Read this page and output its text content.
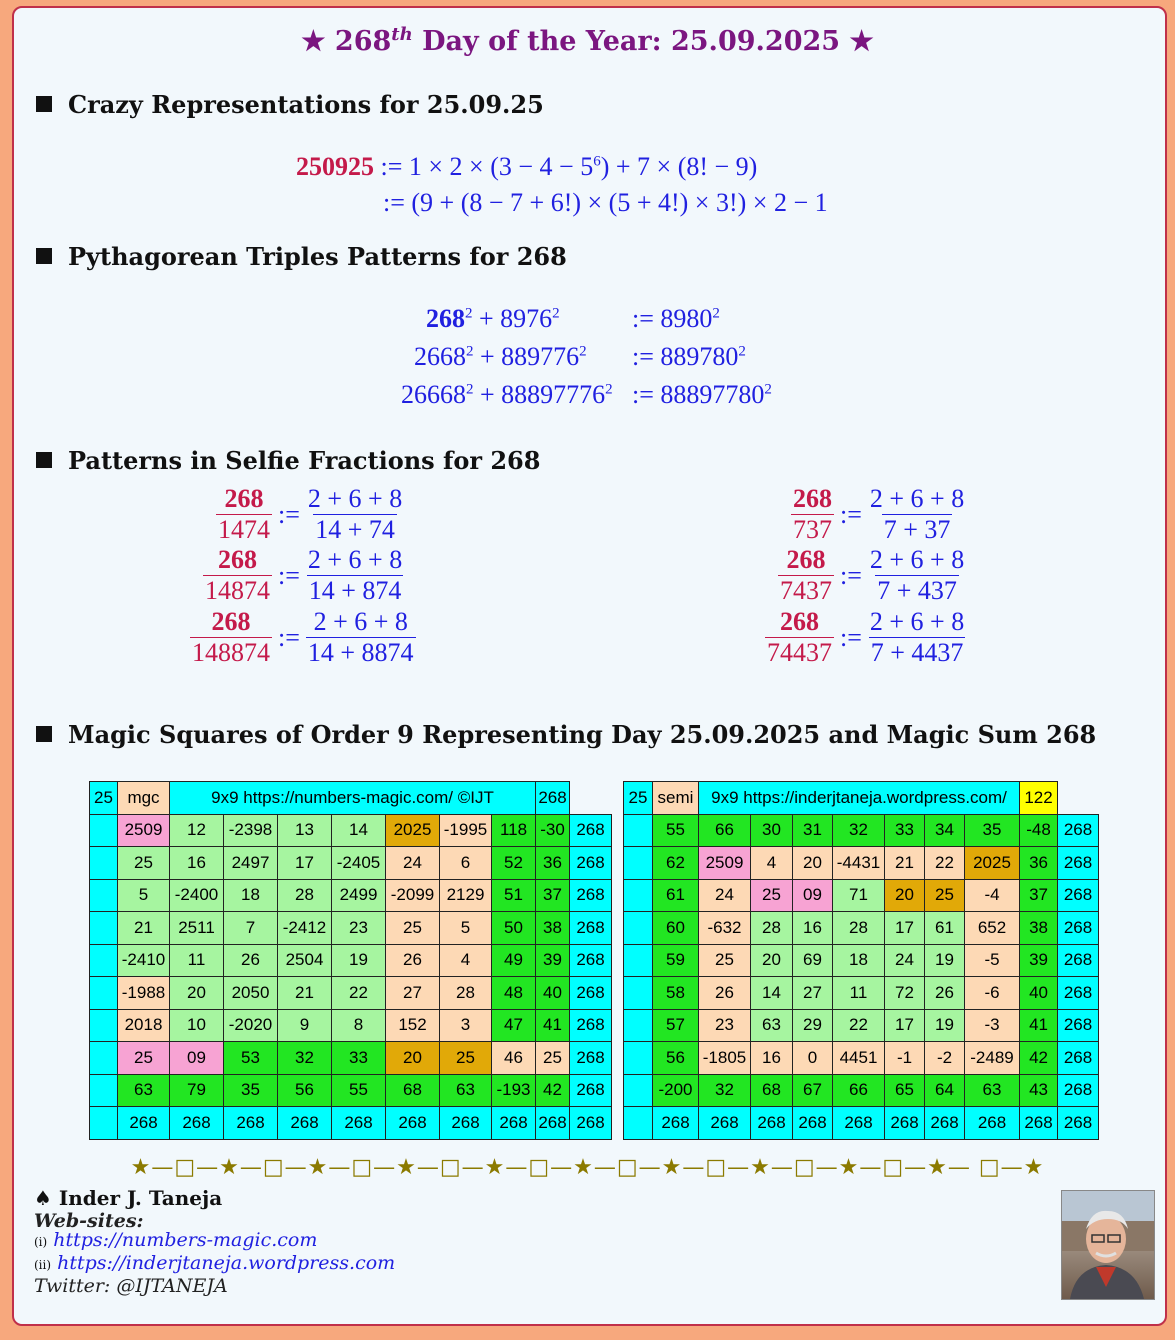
★ 268th Day of the Year: 25.09.2025 ★
Crazy Representations for 25.09.25
250925 := $1 \times 2 \times (3 - 4 - 5^6) + 7 \times (8$! − 9)
:= (9 + (8 − 7 + 6!) × (5 + 4!) × 3!) × 2 − 1
Pythagorean Triples Patterns for 268
$268^2 + 8976^2$	:= $8980^2$
$2668^2 + 889776^2$ := $889780^2$
$26668^2 + 88897776^2$ := $88897780^2$
Patterns in Selfie Fractions for 268
268
1474
:= $\frac{2 + 6 + 8}{14 + 74}$
268
14874
:= $\frac{2 + 6 + 8}{14 + 874}$
268
148874
:= $\frac{2 + 6 + 8}{14 + 8874}$
268
737
:= $\frac{2 + 6 + 8}{7 + 37}$
268
7437
:= $\frac{2 + 6 + 8}{7 + 437}$
268
74437
:= $\frac{2 + 6 + 8}{7 + 4437}$
Magic Squares of Order 9 Representing Day 25.09.2025 and Magic Sum 268
25	mgc	9x9 https://numbers-magic.com/ ©IJT							268	
	2509	12	-2398	13	14	2025	-1995	118	-30	268
	25	16	2497	17	-2405	24	6	52	36	268
	5	-2400	18	28	2499	-2099	2129	51	37	268
	21	2511	7	-2412	23	25	5	50	38	268
	-2410	11	26	2504	19	26	4	49	39	268
	-1988	20	2050	21	22	27	28	48	40	268
	2018	10	-2020	9	8	152	3	47	41	268
	25	09	53	32	33	20	25	46	25	268
	63	79	35	56	55	68	63	-193	42	268
	268	268	268	268	268	268	268	268	268	268
25	semi	9x9 https://inderjtaneja.wordpress.com/							122	
	55	66	30	31	32	33	34	35	-48	268
	62	2509	4	20	-4431	21	22	2025	36	268
	61	24	25	09	71	20	25	-4	37	268
	60	-632	28	16	28	17	61	652	38	268
	59	25	20	69	18	24	19	-5	39	268
	58	26	14	27	11	72	26	-6	40	268
	57	23	63	29	22	17	19	-3	41	268
	56	-1805	16	0	4451	-1	-2	-2489	42	268
	-200	32	68	67	66	65	64	63	43	268
	268	268	268	268	268	268	268	268	268	268
★—□—★—□—★—□—★—□—★—□—★—□—★—□—★—□—★—□—★— □—★
♠ Inder J. Taneja
Web-sites:
(i) https://numbers-magic.com
(ii) https://inderjtaneja.wordpress.com
Twitter: @IJTANEJA
